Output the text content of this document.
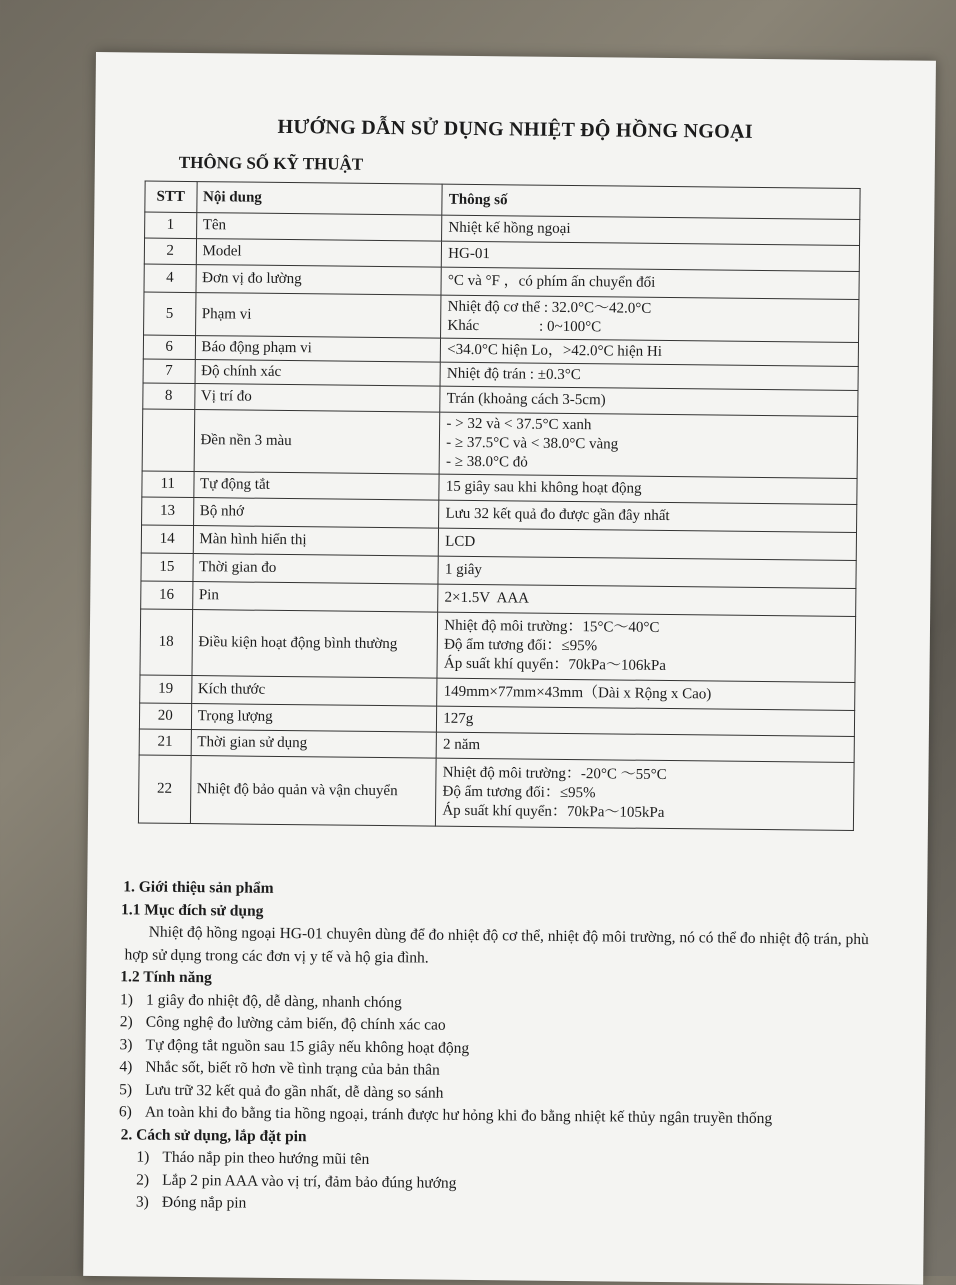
HƯỚNG DẪN SỬ DỤNG NHIỆT ĐỘ HỒNG NGOẠI
THÔNG SỐ KỸ THUẬT
STT	Nội dung	Thông số
1	Tên	Nhiệt kế hồng ngoại

2	Model	HG-01

4	Đơn vị đo lường	°C và °F ，có phím ấn chuyển đổi

5	Phạm vi	Nhiệt độ cơ thể : 32.0°C～42.0°C
Khác                : 0~100°C

6	Báo động phạm vi	<34.0°C hiện Lo，>42.0°C hiện Hi

7	Độ chính xác	Nhiệt độ trán : ±0.3°C

8	Vị trí đo	Trán (khoảng cách 3-5cm)

	Đền nền 3 màu	- > 32 và < 37.5°C xanh
- ≥ 37.5°C và < 38.0°C vàng
- ≥ 38.0°C đỏ

11	Tự động tắt	15 giây sau khi không hoạt động

13	Bộ nhớ	Lưu 32 kết quả đo được gần đây nhất

14	Màn hình hiển thị	LCD

15	Thời gian đo	1 giây

16	Pin	2×1.5V  AAA

18	Điều kiện hoạt động bình thường	Nhiệt độ môi trường：15°C～40°C
Độ ẩm tương đối：≤95%
Áp suất khí quyển：70kPa～106kPa

19	Kích thước	149mm×77mm×43mm（Dài x Rộng x Cao)

20	Trọng lượng	127g

21	Thời gian sử dụng	2 năm

22	Nhiệt độ bảo quản và vận chuyển	Nhiệt độ môi trường：-20°C ～55°C
Độ ẩm tương đối：≤95%
Áp suất khí quyển：70kPa～105kPa
1. Giới thiệu sản phẩm
1.1 Mục đích sử dụng
Nhiệt độ hồng ngoại HG-01 chuyên dùng để đo nhiệt độ cơ thể, nhiệt độ môi trường, nó có thể đo nhiệt độ trán, phù hợp sử dụng trong các đơn vị y tế và hộ gia đình.
1.2 Tính năng
1) 1 giây đo nhiệt độ, dễ dàng, nhanh chóng
2) Công nghệ đo lường cảm biến, độ chính xác cao
3) Tự động tắt nguồn sau 15 giây nếu không hoạt động
4) Nhắc sốt, biết rõ hơn về tình trạng của bản thân
5) Lưu trữ 32 kết quả đo gần nhất, dễ dàng so sánh
6) An toàn khi đo bằng tia hồng ngoại, tránh được hư hỏng khi đo bằng nhiệt kế thủy ngân truyền thống
2. Cách sử dụng, lắp đặt pin
1) Tháo nắp pin theo hướng mũi tên
2) Lắp 2 pin AAA vào vị trí, đảm bảo đúng hướng
3) Đóng nắp pin
